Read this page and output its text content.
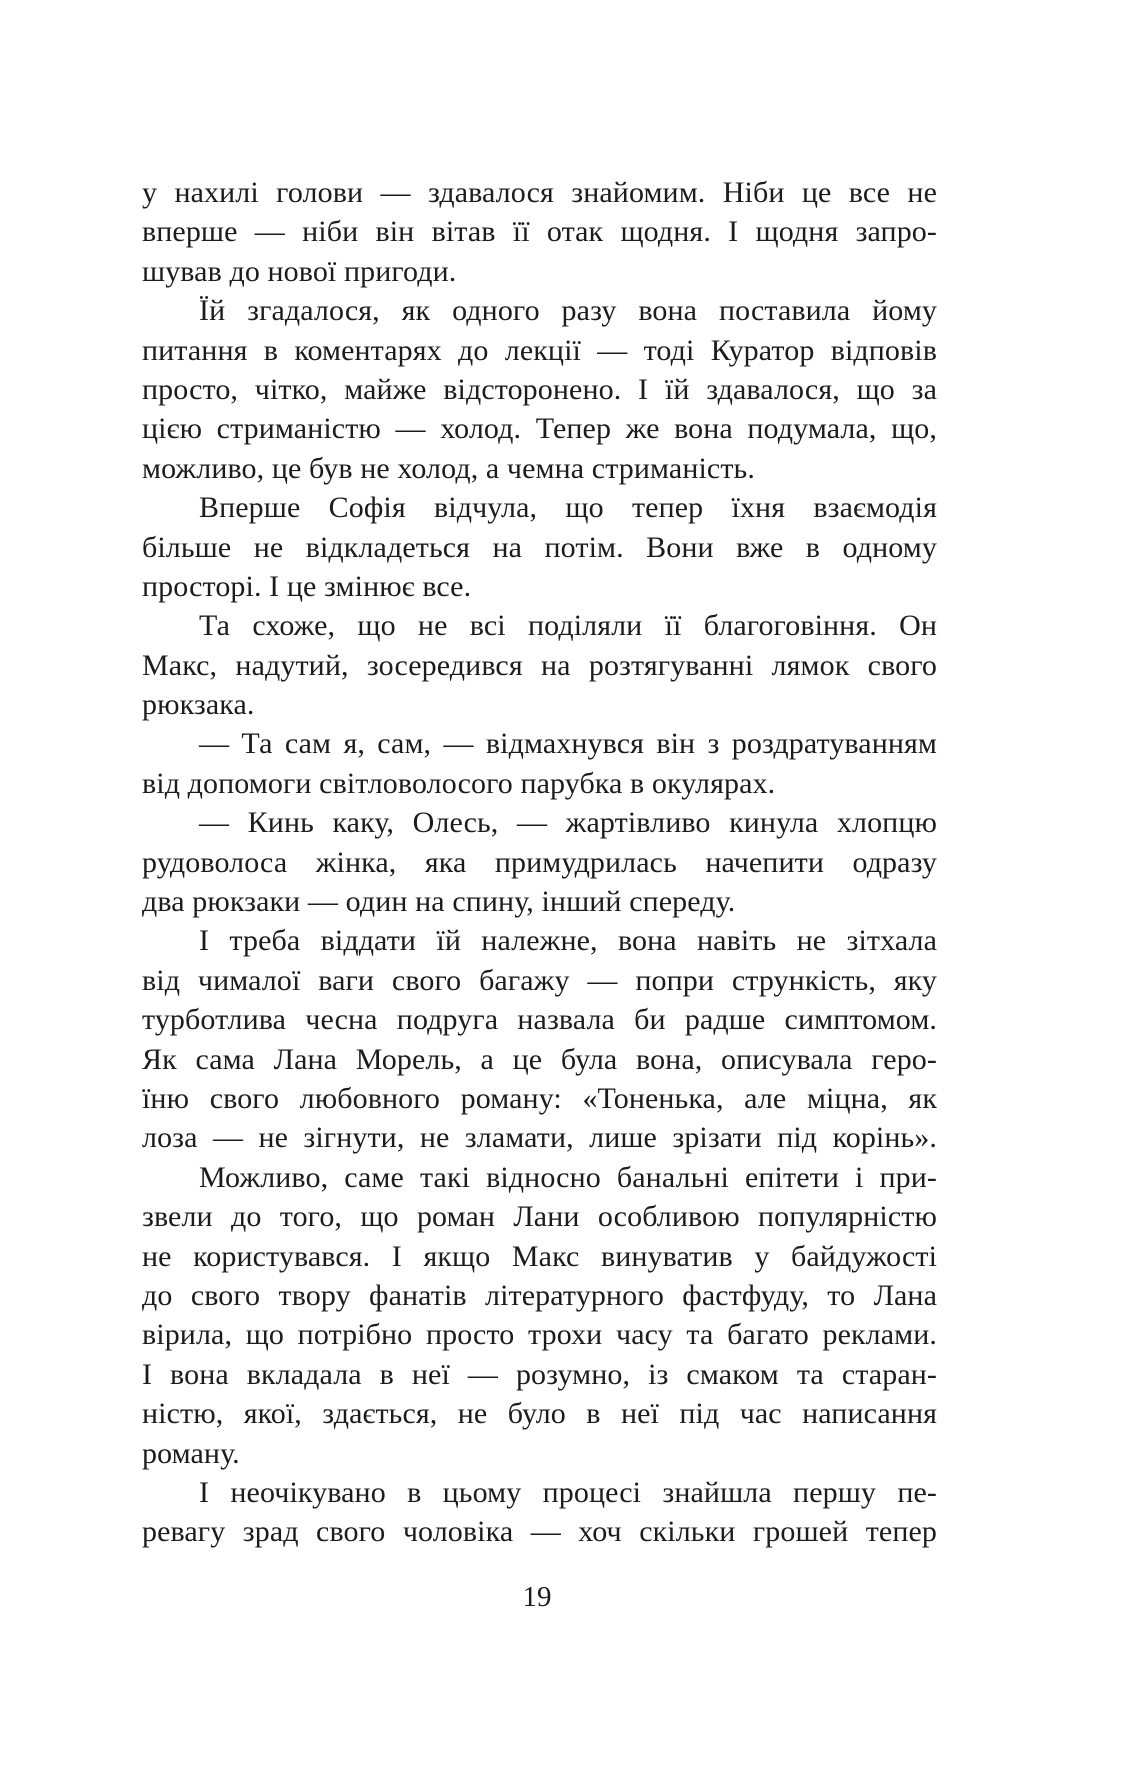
у нахилі голови — здавалося знайомим. Ніби це все не
вперше — ніби він вітав її отак щодня. І щодня запро-
шував до нової пригоди.
Їй згадалося, як одного разу вона поставила йому
питання в коментарях до лекції — тоді Куратор відповів
просто, чітко, майже відсторонено. І їй здавалося, що за
цією стриманістю — холод. Тепер же вона подумала, що,
можливо, це був не холод, а чемна стриманість.
Вперше Софія відчула, що тепер їхня взаємодія
більше не відкладеться на потім. Вони вже в одному
просторі. І це змінює все.
Та схоже, що не всі поділяли її благоговіння. Он
Макс, надутий, зосередився на розтягуванні лямок свого
рюкзака.
— Та сам я, сам, — відмахнувся він з роздратуванням
від допомоги світловолосого парубка в окулярах.
— Кинь каку, Олесь, — жартівливо кинула хлопцю
рудоволоса жінка, яка примудрилась начепити одразу
два рюкзаки — один на спину, інший спереду.
І треба віддати їй належне, вона навіть не зітхала
від чималої ваги свого багажу — попри стрункість, яку
турботлива чесна подруга назвала би радше симптомом.
Як сама Лана Морель, а це була вона, описувала геро-
їню свого любовного роману: «Тоненька, але міцна, як
лоза — не зігнути, не зламати, лише зрізати під корінь».
Можливо, саме такі відносно банальні епітети і при-
звели до того, що роман Лани особливою популярністю
не користувався. І якщо Макс винуватив у байдужості
до свого твору фанатів літературного фастфуду, то Лана
вірила, що потрібно просто трохи часу та багато реклами.
І вона вкладала в неї — розумно, із смаком та старан-
ністю, якої, здається, не було в неї під час написання
роману.
І неочікувано в цьому процесі знайшла першу пе-
ревагу зрад свого чоловіка — хоч скільки грошей тепер
19
